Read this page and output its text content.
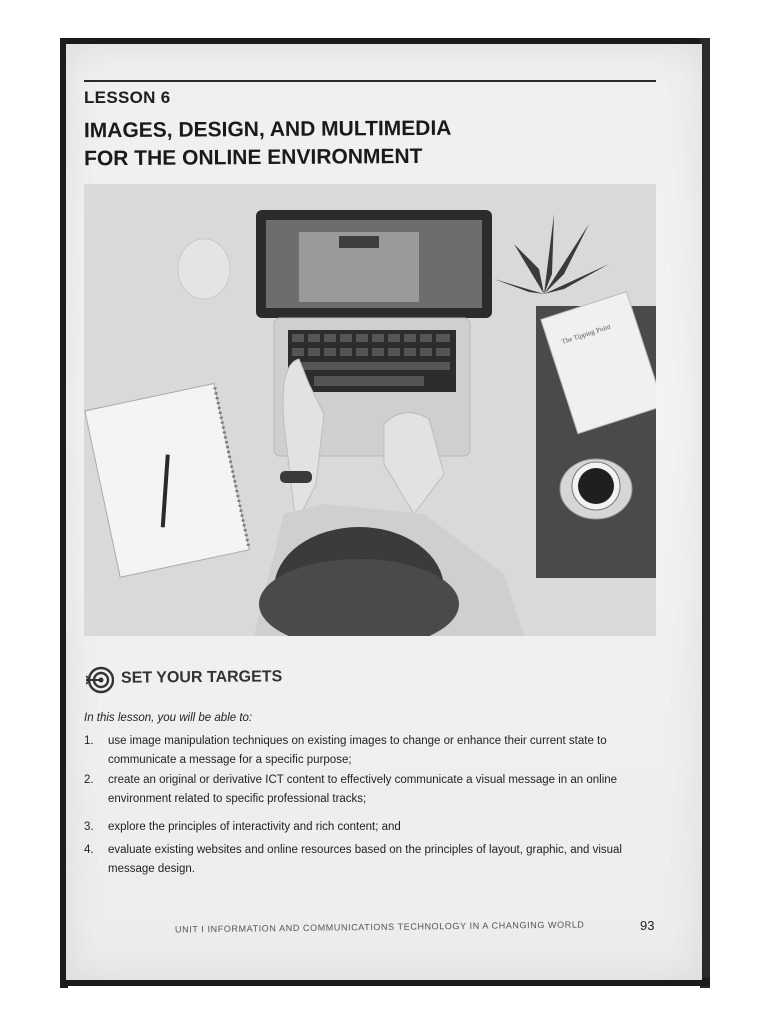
LESSON 6
IMAGES, DESIGN, AND MULTIMEDIA
FOR THE ONLINE ENVIRONMENT
The Tipping Point
SET YOUR TARGETS
In this lesson, you will be able to:
1.	use image manipulation techniques on existing images to change or enhance their current state to communicate a message for a specific purpose;
2.	create an original or derivative ICT content to effectively communicate a visual message in an online environment related to specific professional tracks;
3.	explore the principles of interactivity and rich content; and
4.	evaluate existing websites and online resources based on the principles of layout, graphic, and visual message design.
UNIT I INFORMATION AND COMMUNICATIONS TECHNOLOGY IN A CHANGING WORLD	93
